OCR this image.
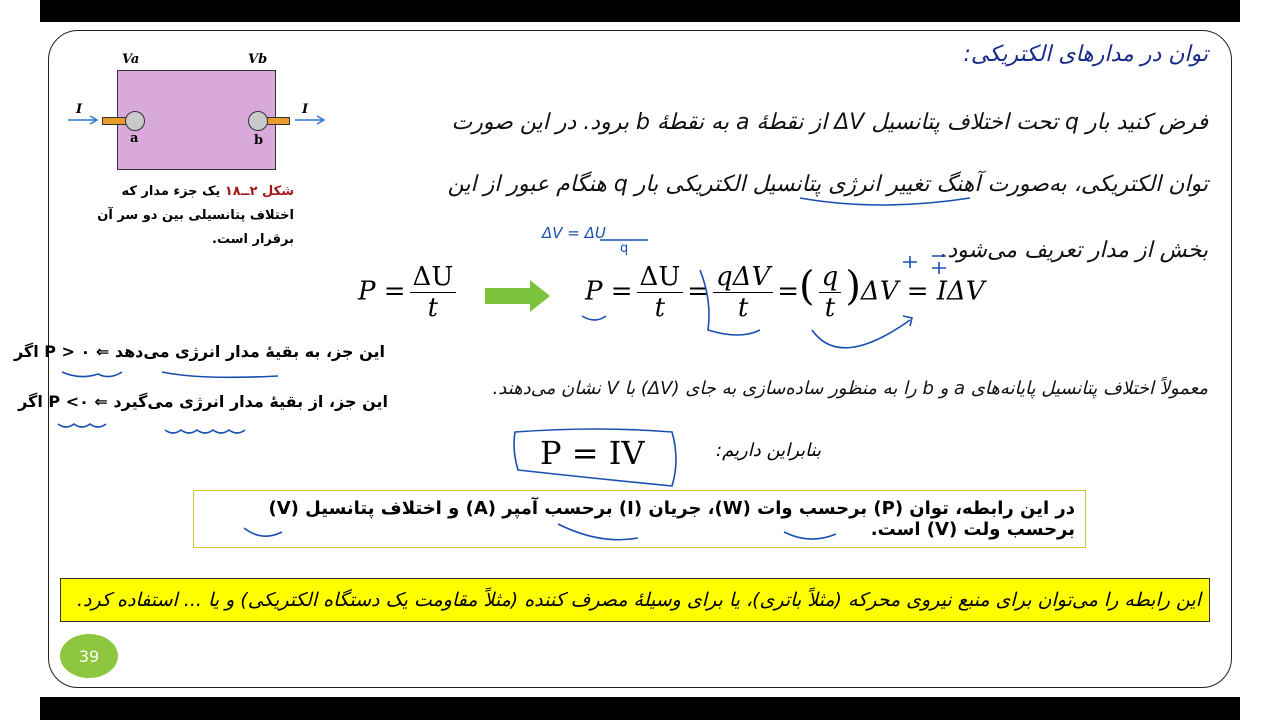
توان در مدارهای الکتریکی:
فرض کنید بار q تحت اختلاف پتانسیل ΔV از نقطهٔ a به نقطهٔ b برود. در این صورت
توان الکتریکی، به‌صورت آهنگ تغییر انرژی پتانسیل الکتریکی بار q هنگام عبور از این
بخش از مدار تعریف می‌شود.
Va	Vb
a	b
I	I
شکل ۲ــ۱۸ یک جزء مدار که اختلاف پتانسیلی بین دو سر آن برقرار است.
$P = \frac{\Delta U}{t}$	$P = \frac{\Delta U}{t} = \frac{\text{qΔV}}{t}$ =( $\frac{q}{t} )\Delta V = I\Delta V$
این جز، به بقیهٔ مدار انرژی می‌دهد ⇐ P > ۰ اگر
این جز، از بقیهٔ مدار انرژی می‌گیرد ⇐ P <۰ اگر
معمولاً اختلاف پتانسیل پایانه‌های a و b را به منظور ساده‌سازی به جای (ΔV) با V نشان می‌دهند.
بنابراین داریم:
P = IV
در این رابطه، توان (P) برحسب وات (W)، جریان (I) برحسب آمپر (A) و اختلاف پتانسیل (V) برحسب ولت (V) است.
این رابطه را می‌توان برای منبع نیروی محرکه (مثلاً باتری)، یا برای وسیلهٔ مصرف کننده (مثلاً مقاومت یک دستگاه الکتریکی) و یا ... استفاده کرد.
39
ΔV = ΔU
q
